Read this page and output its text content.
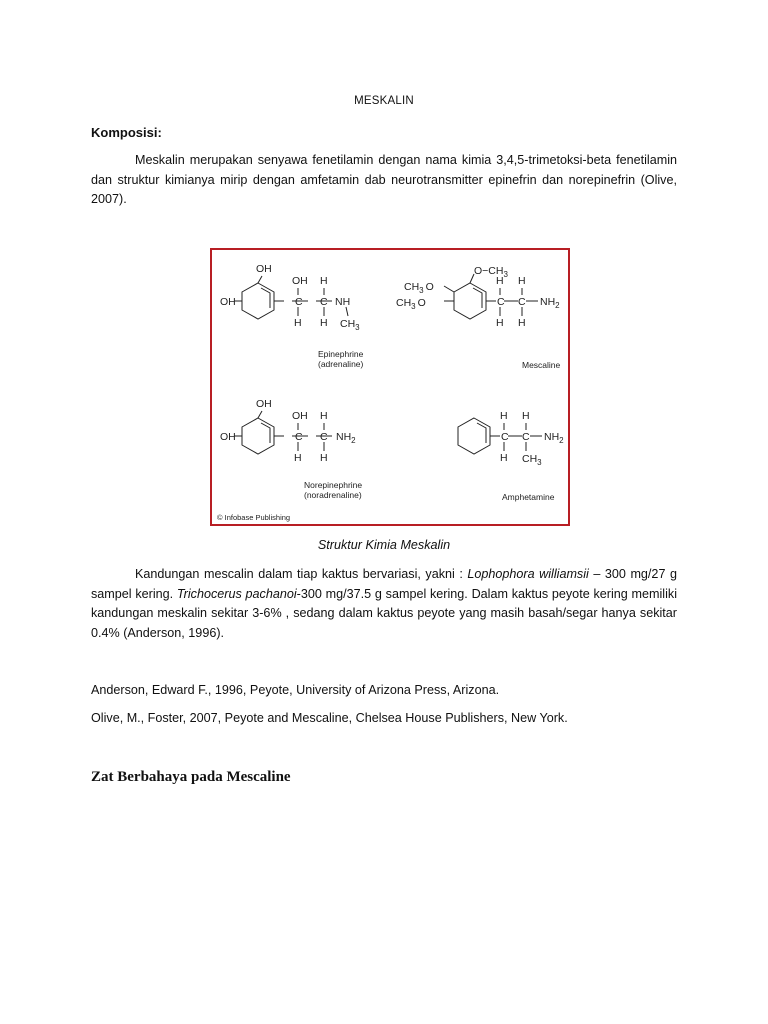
MESKALIN
Komposisi:

Meskalin merupakan senyawa fenetilamin dengan nama kimia 3,4,5-trimetoksi-beta fenetilamin dan struktur kimianya mirip dengan amfetamin dab neurotransmitter epinefrin dan norepinefrin (Olive, 2007).

OH
OH
OH H
C C NH
H H $CH_3$
Epinephrine
(adrenaline)
$O-CH_3$
$CH_3$ O
$CH_3$ O
H H
C C $NH_2$
H H
Mescaline
OH
OH
OH H
C C $NH_2$
H H
Norepinephrine
(noradrenaline)
H H
C C $NH_2$
H $CH_3$
Amphetamine
© Infobase Publishing
Struktur Kimia Meskalin

Kandungan mescalin dalam tiap kaktus bervariasi, yakni : Lophophora williamsii – 300 mg/27 g sampel kering. Trichocerus pachanoi-300 mg/37.5 g sampel kering. Dalam kaktus peyote kering memiliki kandungan meskalin sekitar 3-6% , sedang dalam kaktus peyote yang masih basah/segar hanya sekitar 0.4% (Anderson, 1996).

Anderson, Edward F., 1996, Peyote, University of Arizona Press, Arizona.
Olive, M., Foster, 2007, Peyote and Mescaline, Chelsea House Publishers, New York.
Zat Berbahaya pada Mescaline
